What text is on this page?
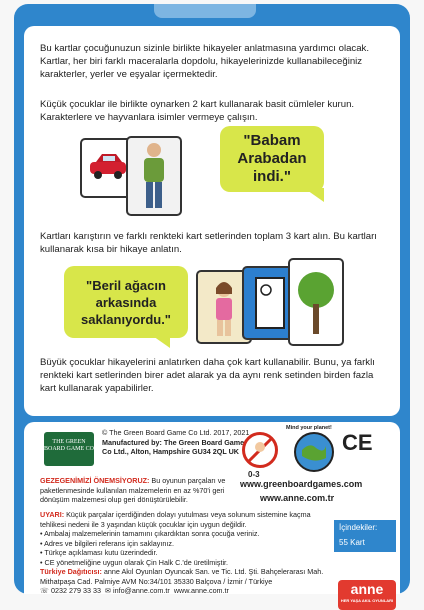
Bu kartlar çocuğunuzun sizinle birlikte hikayeler anlatmasına yardımcı olacak. Kartlar, her biri farklı maceralarla dopdolu, hikayelerinizde kullanabileceğiniz karakterler, yerler ve eşyalar içermektedir.

Küçük çocuklar ile birlikte oynarken 2 kart kullanarak basit cümleler kurun. Karakterlere ve hayvanlara isimler vermeye çalışın.

"Babam
Arabadan
indi."

Kartları karıştırın ve farklı renkteki kart setlerinden toplam 3 kart alın. Bu kartları kullanarak kısa bir hikaye anlatın.

"Beril ağacın
arkasında
saklanıyordu."

Büyük çocuklar hikayelerini anlatırken daha çok kart kullanabilir. Bunu, ya farklı renkteki kart setlerinden birer adet alarak ya da aynı renk setinden birden fazla kart kullanarak yapabilirler.

THE GREEN BOARD GAME CO
© The Green Board Game Co Ltd. 2017, 2021
Manufactured by: The Green Board Game Co Ltd., Alton, Hampshire GU34 2QL UK
GEZEGENİMİZİ ÖNEMSİYORUZ: Bu oyunun parçaları ve paketlenmesinde kullanılan malzemelerin en az %70'i geri dönüşüm malzemesi olup geri dönüştürülebilir.
UYARI: Küçük parçalar içerdiğinden dolayı yutulması veya solunum sistemine kaçma tehlikesi nedeni ile 3 yaşından küçük çocuklar için uygun değildir.
• Ambalaj malzemelerinin tamamını çıkardıktan sonra çocuğa veriniz.
• Adres ve bilgileri referans için saklayınız.
• Türkçe açıklaması kutu üzerindedir.
• CE yönetmeliğine uygun olarak Çin Halk C.'de üretilmiştir.
Türkiye Dağıtıcısı: anne Akıl Oyunları Oyuncak San. ve Tic. Ltd. Şti. Bahçelerarası Mah. Mithatpaşa Cad. Palmiye AVM No:34/101 35330 Balçova / İzmir / Türkiye
☏ 0232 279 33 33 ✉ info@anne.com.tr www.anne.com.tr
0-3
Mind your planet!
CE
www.greenboardgames.com
www.anne.com.tr
İçindekiler:
55 Kart
anne
HER YAŞA AKIL OYUNLARI
